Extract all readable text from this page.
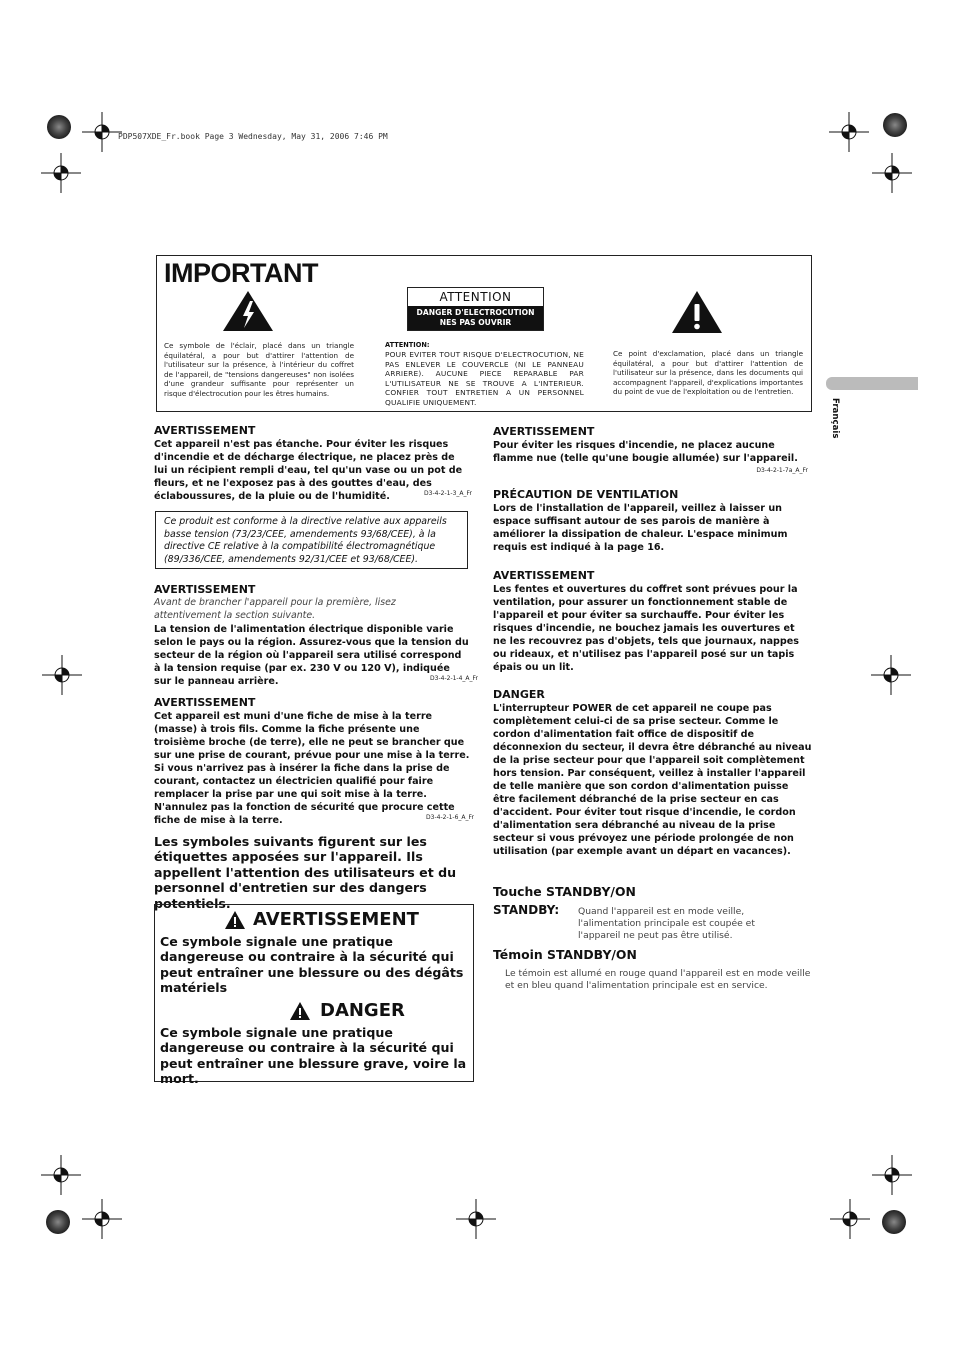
PDP507XDE_Fr.book Page 3 Wednesday, May 31, 2006 7:46 PM
Français
IMPORTANT
Ce symbole de l'éclair, placé dans un triangle équilatéral, a pour but d'attirer l'attention de l'utilisateur sur la présence, à l'intérieur du coffret de l'appareil, de "tensions dangereuses" non isolées d'une grandeur suffisante pour représenter un risque d'électrocution pour les êtres humains.
ATTENTION
DANGER D'ELECTROCUTION NES PAS OUVRIR
ATTENTION:
POUR EVITER TOUT RISQUE D'ELECTROCUTION, NE PAS ENLEVER LE COUVERCLE (NI LE PANNEAU ARRIERE). AUCUNE PIECE REPARABLE PAR L'UTILISATEUR NE SE TROUVE A L'INTERIEUR. CONFIER TOUT ENTRETIEN A UN PERSONNEL QUALIFIE UNIQUEMENT.
Ce point d'exclamation, placé dans un triangle équilatéral, a pour but d'attirer l'attention de l'utilisateur sur la présence, dans les documents qui accompagnent l'appareil, d'explications importantes du point de vue de l'exploitation ou de l'entretien.
AVERTISSEMENT
Cet appareil n'est pas étanche. Pour éviter les risques d'incendie et de décharge électrique, ne placez près de lui un récipient rempli d'eau, tel qu'un vase ou un pot de fleurs, et ne l'exposez pas à des gouttes d'eau, des éclaboussures, de la pluie ou de l'humidité.	D3-4-2-1-3_A_Fr
Ce produit est conforme à la directive relative aux appareils basse tension (73/23/CEE, amendements 93/68/CEE), à la directive CE relative à la compatibilité électromagnétique (89/336/CEE, amendements 92/31/CEE et 93/68/CEE).
AVERTISSEMENT
Avant de brancher l'appareil pour la première, lisez attentivement la section suivante.
La tension de l'alimentation électrique disponible varie selon le pays ou la région. Assurez-vous que la tension du secteur de la région où l'appareil sera utilisé correspond à la tension requise (par ex. 230 V ou 120 V), indiquée sur le panneau arrière.	D3-4-2-1-4_A_Fr
AVERTISSEMENT
Cet appareil est muni d'une fiche de mise à la terre (masse) à trois fils. Comme la fiche présente une troisième broche (de terre), elle ne peut se brancher que sur une prise de courant, prévue pour une mise à la terre. Si vous n'arrivez pas à insérer la fiche dans la prise de courant, contactez un électricien qualifié pour faire remplacer la prise par une qui soit mise à la terre. N'annulez pas la fonction de sécurité que procure cette fiche de mise à la terre.	D3-4-2-1-6_A_Fr
Les symboles suivants figurent sur les étiquettes apposées sur l'appareil. Ils appellent l'attention des utilisateurs et du personnel d'entretien sur des dangers potentiels.
AVERTISSEMENT
Ce symbole signale une pratique dangereuse ou contraire à la sécurité qui peut entraîner une blessure ou des dégâts matériels
DANGER
Ce symbole signale une pratique dangereuse ou contraire à la sécurité qui peut entraîner une blessure grave, voire la mort.
AVERTISSEMENT
Pour éviter les risques d'incendie, ne placez aucune flamme nue (telle qu'une bougie allumée) sur l'appareil.
D3-4-2-1-7a_A_Fr
PRÉCAUTION DE VENTILATION
Lors de l'installation de l'appareil, veillez à laisser un espace suffisant autour de ses parois de manière à améliorer la dissipation de chaleur. L'espace minimum requis est indiqué à la page 16.
AVERTISSEMENT
Les fentes et ouvertures du coffret sont prévues pour la ventilation, pour assurer un fonctionnement stable de l'appareil et pour éviter sa surchauffe. Pour éviter les risques d'incendie, ne bouchez jamais les ouvertures et ne les recouvrez pas d'objets, tels que journaux, nappes ou rideaux, et n'utilisez pas l'appareil posé sur un tapis épais ou un lit.
DANGER
L'interrupteur POWER de cet appareil ne coupe pas complètement celui-ci de sa prise secteur. Comme le cordon d'alimentation fait office de dispositif de déconnexion du secteur, il devra être débranché au niveau de la prise secteur pour que l'appareil soit complètement hors tension. Par conséquent, veillez à installer l'appareil de telle manière que son cordon d'alimentation puisse être facilement débranché de la prise secteur en cas d'accident. Pour éviter tout risque d'incendie, le cordon d'alimentation sera débranché au niveau de la prise secteur si vous prévoyez une période prolongée de non utilisation (par exemple avant un départ en vacances).
Touche STANDBY/ON
STANDBY: Quand l'appareil est en mode veille, l'alimentation principale est coupée et l'appareil ne peut pas être utilisé.
Témoin STANDBY/ON
Le témoin est allumé en rouge quand l'appareil est en mode veille et en bleu quand l'alimentation principale est en service.
